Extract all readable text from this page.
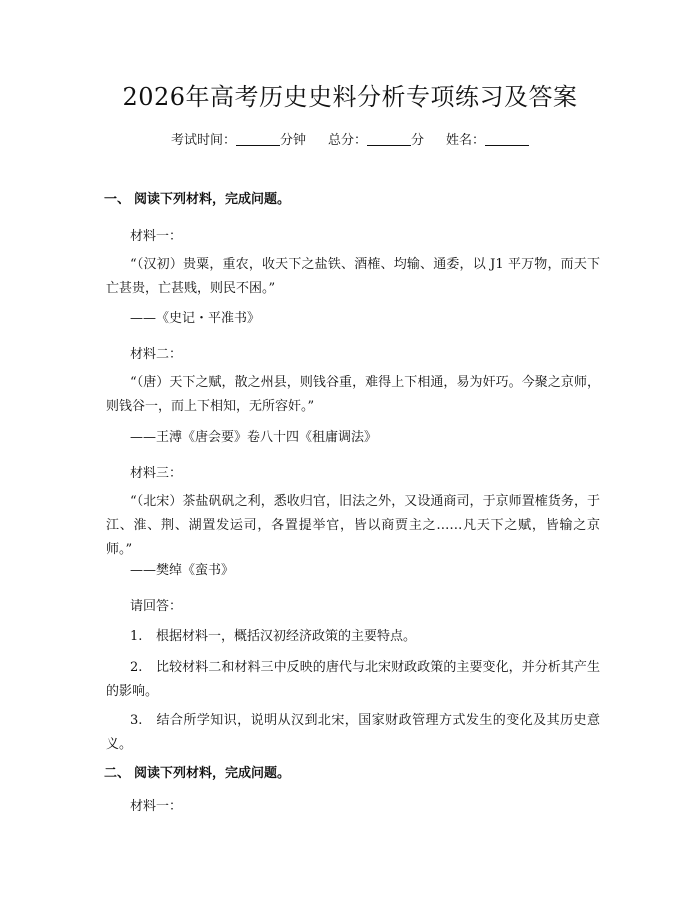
2026年高考历史史料分析专项练习及答案
考试时间：	分钟 总分：	分 姓名：
一、 阅读下列材料，完成问题。
材料一：
“（汉初）贵粟，重农，收天下之盐铁、酒榷、均输、通委，以 J1 平万物，而天下亡甚贵，亡甚贱，则民不困。”
——《史记・平准书》
材料二：
“（唐）天下之赋，散之州县，则钱谷重，难得上下相通，易为奸巧。今聚之京师，则钱谷一，而上下相知，无所容奸。”
——王溥《唐会要》卷八十四《租庸调法》
材料三：
“（北宋）茶盐矾矾之利，悉收归官，旧法之外，又设通商司，于京师置榷货务，于江、淮、荆、湖置发运司，各置提举官，皆以商贾主之……凡天下之赋，皆输之京师。”
——樊绰《蛮书》
请回答：
1. 根据材料一，概括汉初经济政策的主要特点。
2. 比较材料二和材料三中反映的唐代与北宋财政政策的主要变化，并分析其产生的影响。
3. 结合所学知识，说明从汉到北宋，国家财政管理方式发生的变化及其历史意义。
二、 阅读下列材料，完成问题。
材料一：
